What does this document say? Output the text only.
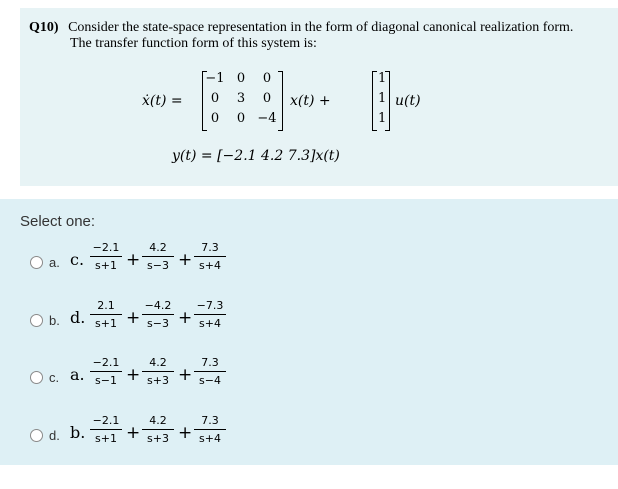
Q10) Consider the state-space representation in the form of diagonal canonical realization form.
The transfer function form of this system is:
ẋ(t) =
−1 0	0
0	3	0
0	0 −4
x(t) +
1
1
1
u(t)
y(t) = [−2.1 4.2 7.3]x(t)
Select one:
a. c.
−2.1
s+1 +
4.2
s−3 +
7.3
s+4
b. d.
2.1
s+1 +
−4.2
s−3 +
−7.3
s+4
c. a.
−2.1
s−1 +
4.2
s+3 +
7.3
s−4
d. b.
−2.1
s+1 +
4.2
s+3 +
7.3
s+4
